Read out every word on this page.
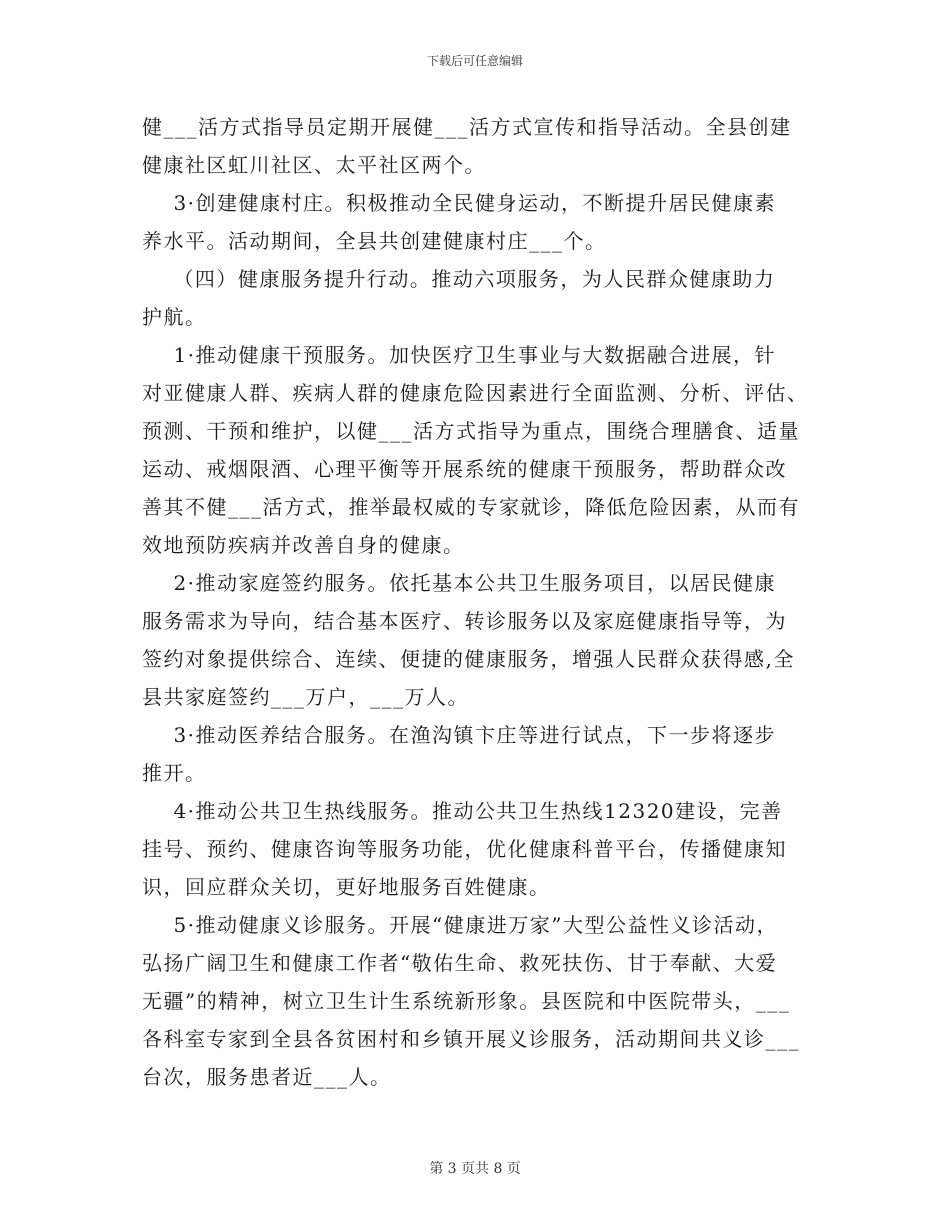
下载后可任意编辑
健___活方式指导员定期开展健___活方式宣传和指导活动。全县创建
健康社区虹川社区、太平社区两个。
3·创建健康村庄。积极推动全民健身运动，不断提升居民健康素
养水平。活动期间，全县共创建健康村庄___个。
（四）健康服务提升行动。推动六项服务，为人民群众健康助力
护航。
1·推动健康干预服务。加快医疗卫生事业与大数据融合进展，针
对亚健康人群、疾病人群的健康危险因素进行全面监测、分析、评估、
预测、干预和维护，以健___活方式指导为重点，围绕合理膳食、适量
运动、戒烟限酒、心理平衡等开展系统的健康干预服务，帮助群众改
善其不健___活方式，推举最权威的专家就诊，降低危险因素，从而有
效地预防疾病并改善自身的健康。
2·推动家庭签约服务。依托基本公共卫生服务项目，以居民健康
服务需求为导向，结合基本医疗、转诊服务以及家庭健康指导等，为
签约对象提供综合、连续、便捷的健康服务，增强人民群众获得感,全
县共家庭签约___万户，___万人。
3·推动医养结合服务。在渔沟镇卞庄等进行试点，下一步将逐步
推开。
4·推动公共卫生热线服务。推动公共卫生热线12320建设，完善
挂号、预约、健康咨询等服务功能，优化健康科普平台，传播健康知
识，回应群众关切，更好地服务百姓健康。
5·推动健康义诊服务。开展“健康进万家”大型公益性义诊活动，
弘扬广阔卫生和健康工作者“敬佑生命、救死扶伤、甘于奉献、大爱
无疆”的精神，树立卫生计生系统新形象。县医院和中医院带头，___
各科室专家到全县各贫困村和乡镇开展义诊服务，活动期间共义诊___
台次，服务患者近___人。
第 3 页共 8 页
